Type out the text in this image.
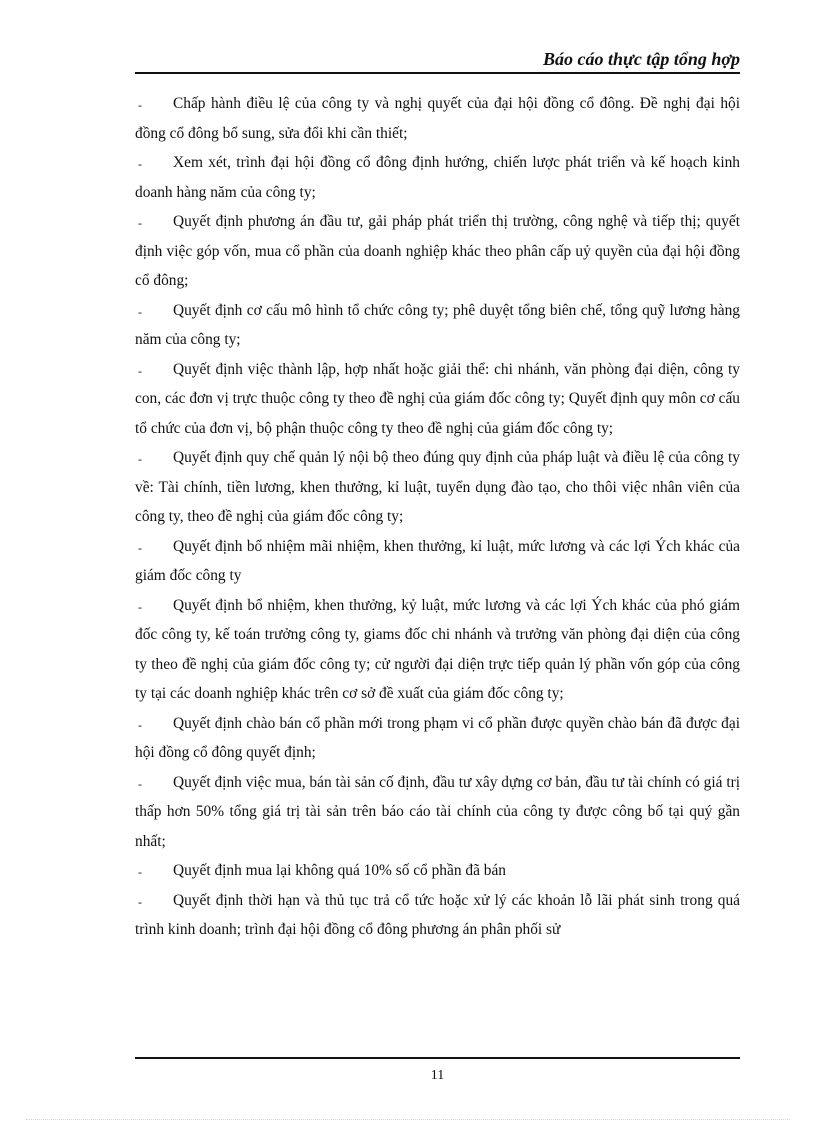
Báo cáo thực tập tổng hợp

- Chấp hành điều lệ của công ty và nghị quyết của đại hội đồng cổ đông. Đề nghị đại hội đồng cổ đông bổ sung, sửa đổi khi cần thiết;

- Xem xét, trình đại hội đồng cổ đông định hướng, chiến lược phát triển và kế hoạch kinh doanh hàng năm của công ty;

- Quyết định phương án đầu tư, gải pháp phát triển thị trường, công nghệ và tiếp thị; quyết định việc góp vốn, mua cổ phần của doanh nghiệp khác theo phân cấp uỷ quyền của đại hội đồng cổ đông;

- Quyết định cơ cấu mô hình tổ chức công ty; phê duyệt tổng biên chế, tổng quỹ lương hàng năm của công ty;

- Quyết định việc thành lập, hợp nhất hoặc giải thể: chi nhánh, văn phòng đại diện, công ty con, các đơn vị trực thuộc công ty theo đề nghị của giám đốc công ty; Quyết định quy môn cơ cấu tổ chức của đơn vị, bộ phận thuộc công ty theo đề nghị của giám đốc công ty;

- Quyết định quy chế quản lý nội bộ theo đúng quy định của pháp luật và điều lệ của công ty về: Tài chính, tiền lương, khen thưởng, kỉ luật, tuyển dụng đào tạo, cho thôi việc nhân viên của công ty, theo đề nghị của giám đốc công ty;

- Quyết định bổ nhiệm mãi nhiệm, khen thưởng, kỉ luật, mức lương và các lợi Ých khác của giám đốc công ty

- Quyết định bổ nhiệm, khen thưởng, kỷ luật, mức lương và các lợi Ých khác của phó giám đốc công ty, kế toán trưởng công ty, giams đốc chi nhánh và trưởng văn phòng đại diện của công ty theo đề nghị của giám đốc công ty; cử người đại diện trực tiếp quản lý phần vốn góp của công ty tại các doanh nghiệp khác trên cơ sở đề xuất của giám đốc công ty;

- Quyết định chào bán cổ phần mới trong phạm vi cổ phần được quyền chào bán đã được đại hội đồng cổ đông quyết định;

- Quyết định việc mua, bán tài sản cố định, đầu tư xây dựng cơ bản, đầu tư tài chính có giá trị thấp hơn 50% tổng giá trị tài sản trên báo cáo tài chính của công ty được công bố tại quý gần nhất;

- Quyết định mua lại không quá 10% số cổ phần đã bán

- Quyết định thời hạn và thủ tục trả cổ tức hoặc xử lý các khoản lỗ lãi phát sinh trong quá trình kinh doanh; trình đại hội đồng cổ đông phương án phân phối sử

11
